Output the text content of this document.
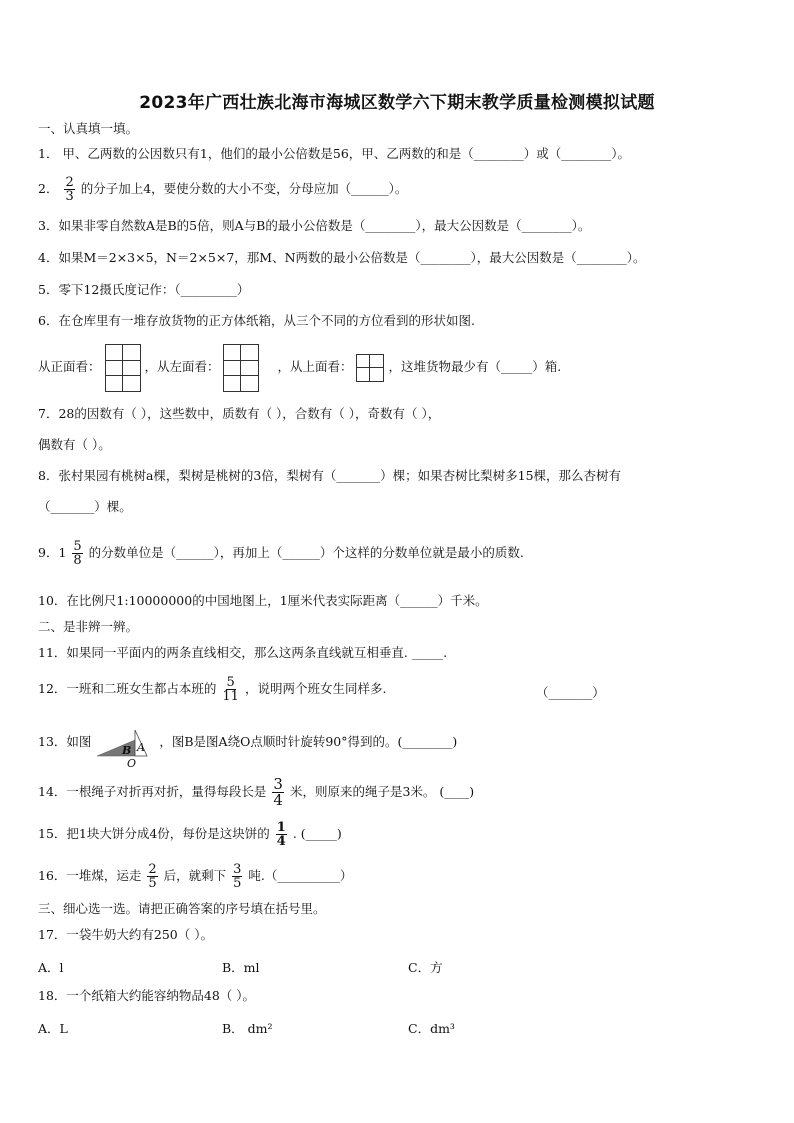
2023年广西壮族北海市海城区数学六下期末教学质量检测模拟试题
一、认真填一填。
1． 甲、乙两数的公因数只有1，他们的最小公倍数是56，甲、乙两数的和是（________）或（________）。
2． $\frac{2}{3}$ 的分子加上4，要使分数的大小不变，分母应加（______）。
3．如果非零自然数A是B的5倍，则A与B的最小公倍数是（________），最大公因数是（________）。
4．如果M＝2×3×5，N＝2×5×7，那M、N两数的最小公倍数是（________），最大公因数是（________）。
5．零下12摄氏度记作：（_________）
6．在仓库里有一堆存放货物的正方体纸箱，从三个不同的方位看到的形状如图.
从正面看：	，从左面看：	，从上面看：	，这堆货物最少有（_____）箱.
7．28的因数有（ ），这些数中，质数有（ ），合数有（ ），奇数有（ ），
偶数有（ ）。
8．张村果园有桃树a棵，梨树是桃树的3倍，梨树有（_______）棵；如果杏树比梨树多15棵，那么杏树有
（_______）棵。
9．$1 \frac{5}{8}$ 的分数单位是（______），再加上（______）个这样的分数单位就是最小的质数.
10．在比例尺1:10000000的中国地图上，1厘米代表实际距离（______）千米。
二、是非辨一辨。
11．如果同一平面内的两条直线相交，那么这两条直线就互相垂直. _____.
12．一班和二班女生都占本班的 $\frac{5}{11}$ ，说明两个班女生同样多.	（_______）
13．如图
B A
O
，图B是图A绕O点顺时针旋转90°得到的。(________)
14．一根绳子对折再对折，量得每段长是 $\frac{3}{4}$ 米，则原来的绳子是3米。 (____)
15．把1块大饼分成4份，每份是这块饼的 $\frac{1}{4}$ . (_____)
16．一堆煤，运走 $\frac{2}{5}$ 后，就剩下 $\frac{3}{5}$ 吨.（__________）
三、细心选一选。请把正确答案的序号填在括号里。
17．一袋牛奶大约有250（ ）。
A．l	B．ml	C．方
18．一个纸箱大约能容纳物品48（ ）。
A．L	B． dm²	C．dm³
